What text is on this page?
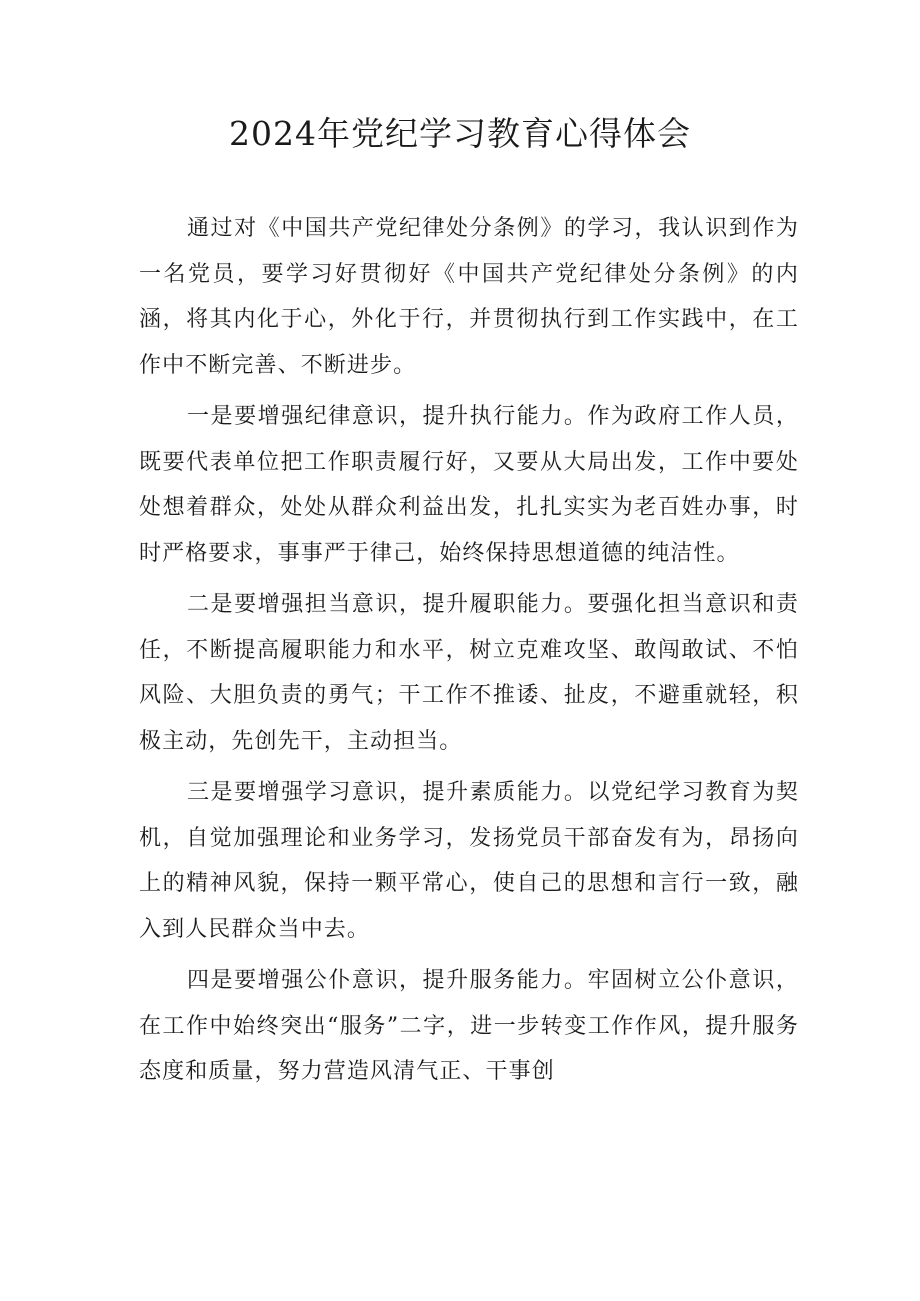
2024年党纪学习教育心得体会

通过对《中国共产党纪律处分条例》的学习，我认识到作为一名党员，要学习好贯彻好《中国共产党纪律处分条例》的内涵，将其内化于心，外化于行，并贯彻执行到工作实践中，在工作中不断完善、不断进步。

一是要增强纪律意识，提升执行能力。作为政府工作人员，既要代表单位把工作职责履行好，又要从大局出发，工作中要处处想着群众，处处从群众利益出发，扎扎实实为老百姓办事，时时严格要求，事事严于律己，始终保持思想道德的纯洁性。

二是要增强担当意识，提升履职能力。要强化担当意识和责任，不断提高履职能力和水平，树立克难攻坚、敢闯敢试、不怕风险、大胆负责的勇气；干工作不推诿、扯皮，不避重就轻，积极主动，先创先干，主动担当。

三是要增强学习意识，提升素质能力。以党纪学习教育为契机，自觉加强理论和业务学习，发扬党员干部奋发有为，昂扬向上的精神风貌，保持一颗平常心，使自己的思想和言行一致，融入到人民群众当中去。

四是要增强公仆意识，提升服务能力。牢固树立公仆意识，在工作中始终突出“服务”二字，进一步转变工作作风，提升服务态度和质量，努力营造风清气正、干事创
